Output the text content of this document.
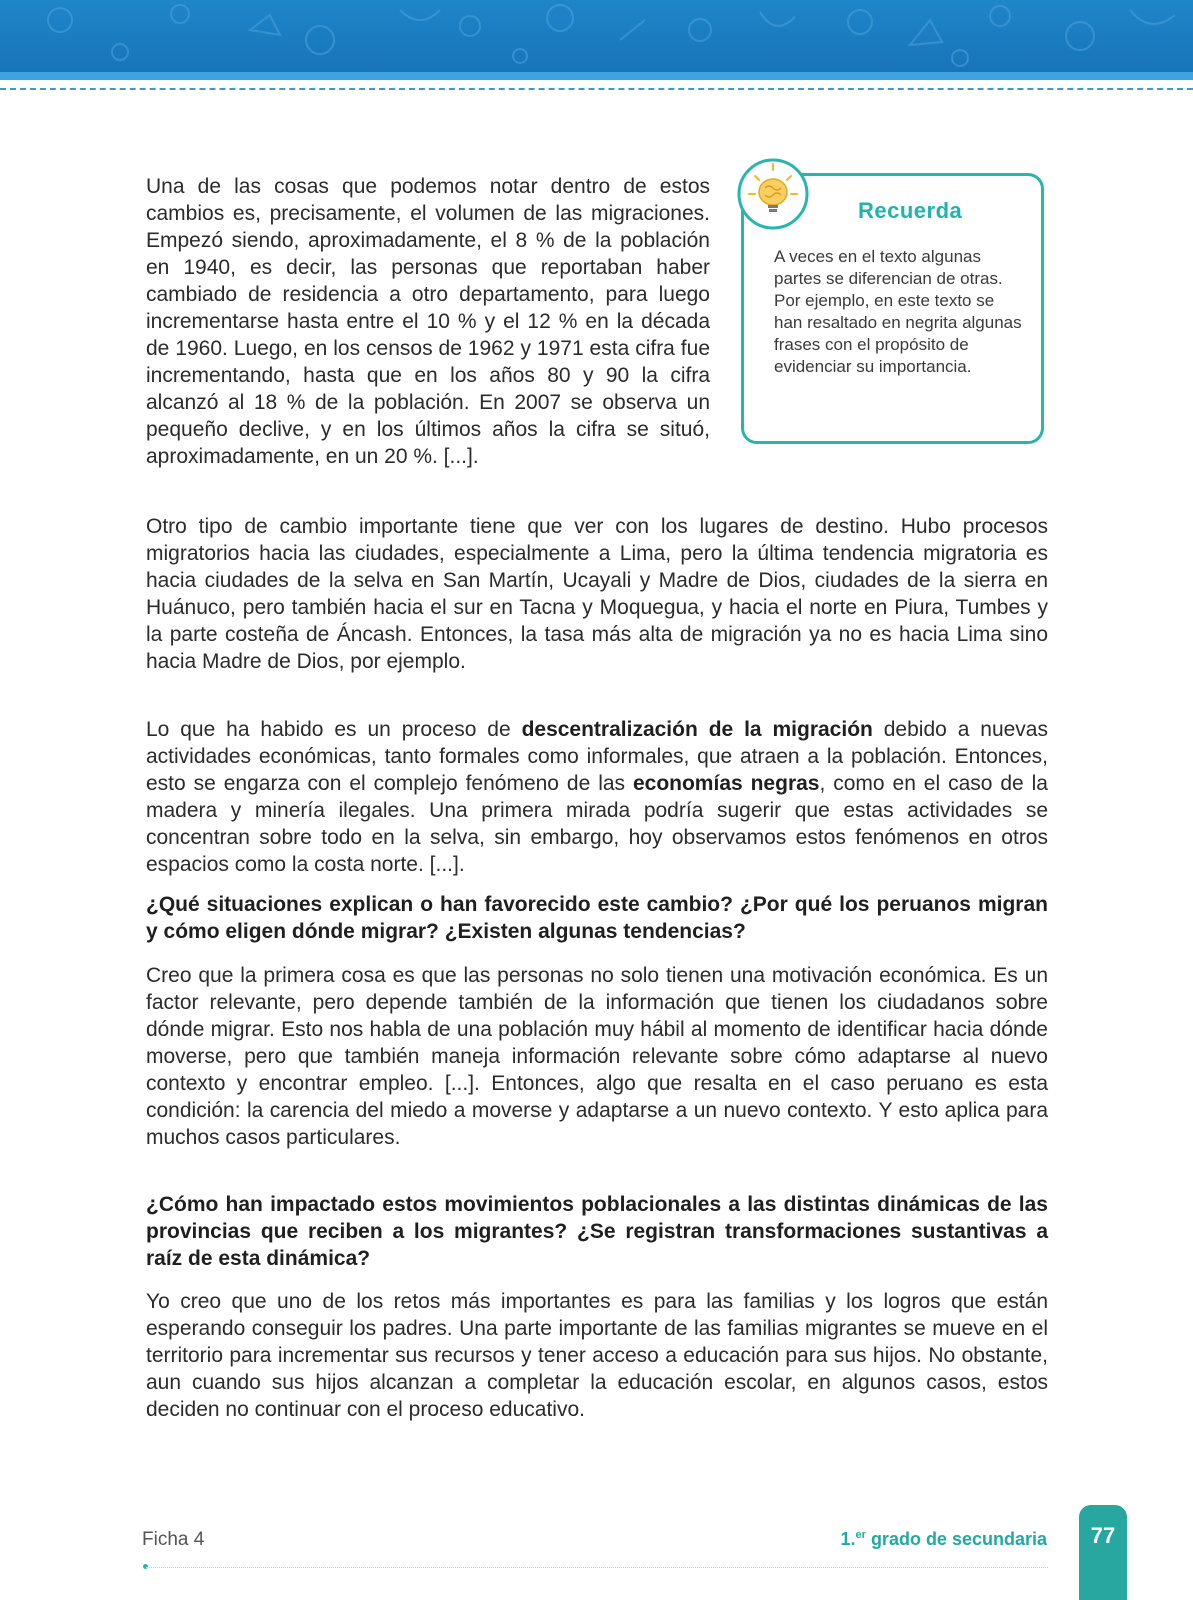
Una de las cosas que podemos notar dentro de estos cambios es, precisamente, el volumen de las migraciones. Empezó siendo, aproximadamente, el 8 % de la población en 1940, es decir, las personas que reportaban haber cambiado de residencia a otro departamento, para luego incrementarse hasta entre el 10 % y el 12 % en la década de 1960. Luego, en los censos de 1962 y 1971 esta cifra fue incrementando, hasta que en los años 80 y 90 la cifra alcanzó al 18 % de la población. En 2007 se observa un pequeño declive, y en los últimos años la cifra se situó, aproximadamente, en un 20 %. [...].

Recuerda
A veces en el texto algunas partes se diferencian de otras. Por ejemplo, en este texto se han resaltado en negrita algunas frases con el propósito de evidenciar su importancia.

Otro tipo de cambio importante tiene que ver con los lugares de destino. Hubo procesos migratorios hacia las ciudades, especialmente a Lima, pero la última tendencia migratoria es hacia ciudades de la selva en San Martín, Ucayali y Madre de Dios, ciudades de la sierra en Huánuco, pero también hacia el sur en Tacna y Moquegua, y hacia el norte en Piura, Tumbes y la parte costeña de Áncash. Entonces, la tasa más alta de migración ya no es hacia Lima sino hacia Madre de Dios, por ejemplo.

Lo que ha habido es un proceso de descentralización de la migración debido a nuevas actividades económicas, tanto formales como informales, que atraen a la población. Entonces, esto se engarza con el complejo fenómeno de las economías negras, como en el caso de la madera y minería ilegales. Una primera mirada podría sugerir que estas actividades se concentran sobre todo en la selva, sin embargo, hoy observamos estos fenómenos en otros espacios como la costa norte. [...].

¿Qué situaciones explican o han favorecido este cambio? ¿Por qué los peruanos migran y cómo eligen dónde migrar? ¿Existen algunas tendencias?

Creo que la primera cosa es que las personas no solo tienen una motivación económica. Es un factor relevante, pero depende también de la información que tienen los ciudadanos sobre dónde migrar. Esto nos habla de una población muy hábil al momento de identificar hacia dónde moverse, pero que también maneja información relevante sobre cómo adaptarse al nuevo contexto y encontrar empleo. [...]. Entonces, algo que resalta en el caso peruano es esta condición: la carencia del miedo a moverse y adaptarse a un nuevo contexto. Y esto aplica para muchos casos particulares.

¿Cómo han impactado estos movimientos poblacionales a las distintas dinámicas de las provincias que reciben a los migrantes? ¿Se registran transformaciones sustantivas a raíz de esta dinámica?

Yo creo que uno de los retos más importantes es para las familias y los logros que están esperando conseguir los padres. Una parte importante de las familias migrantes se mueve en el territorio para incrementar sus recursos y tener acceso a educación para sus hijos. No obstante, aun cuando sus hijos alcanzan a completar la educación escolar, en algunos casos, estos deciden no continuar con el proceso educativo.

Ficha 4	1.$^{er}$ grado de secundaria	77
